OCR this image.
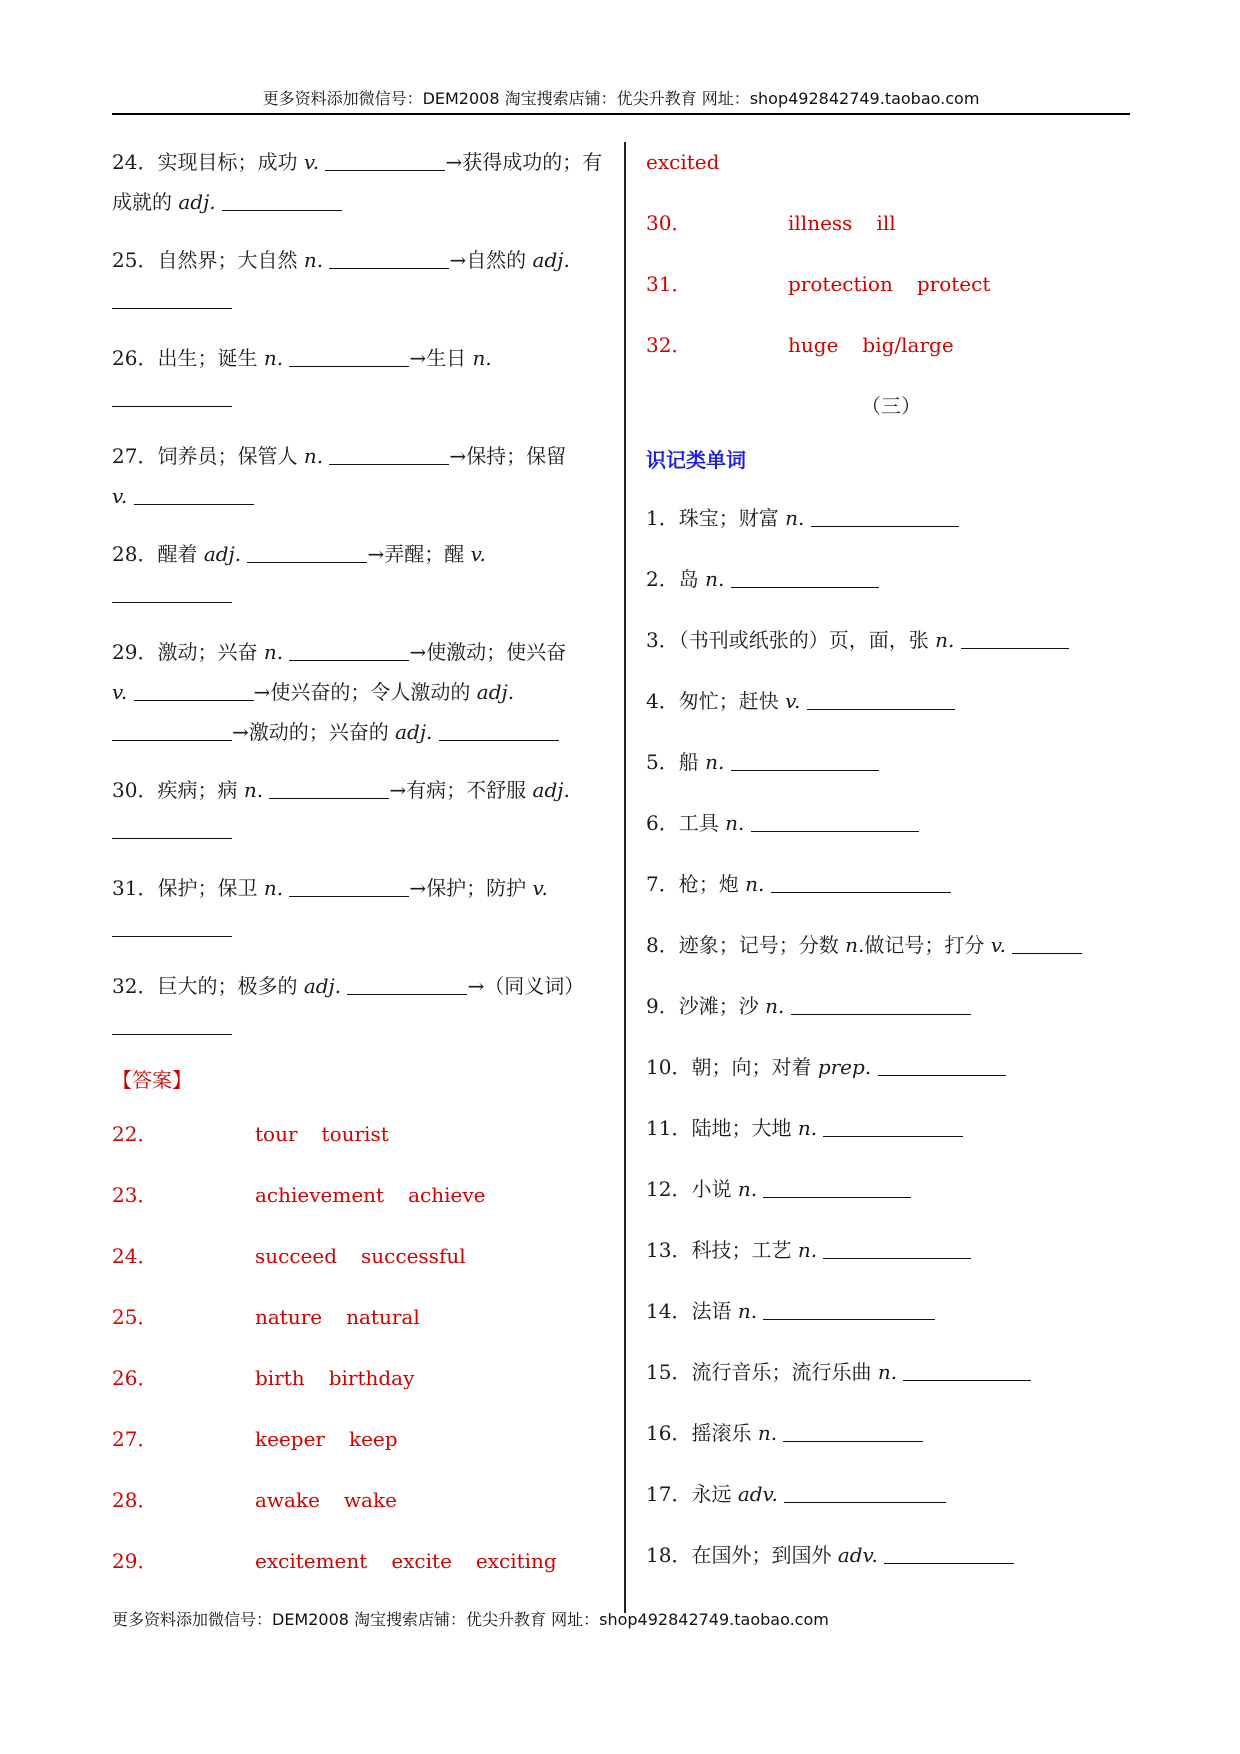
更多资料添加微信号：DEM2008 淘宝搜索店铺：优尖升教育 网址：shop492842749.taobao.com
24．实现目标；成功 v.	→获得成功的；有成就的 adj.
25．自然界；大自然 n.	→自然的 adj.

26．出生；诞生 n.	→生日 n.

27．饲养员；保管人 n.	→保持；保留
v.
28．醒着 adj.	→弄醒；醒 v.

29．激动；兴奋 n.	→使激动；使兴奋
v.	→使兴奋的；令人激动的 adj.
→激动的；兴奋的 adj.
30．疾病；病 n.	→有病；不舒服 adj.

31．保护；保卫 n.	→保护；防护 v.

32．巨大的；极多的 adj.	→（同义词）
【答案】
22．	tour tourist
23．	achievement achieve
24．	succeed successful
25．	nature natural
26．	birth birthday
27．	keeper keep
28．	awake wake
29．	excitement excite exciting
excited
30．	illness ill
31．	protection protect
32．	huge big/large
（三）
识记类单词
1．珠宝；财富 n.
2．岛 n.
3．（书刊或纸张的）页，面，张 n.
4．匆忙；赶快 v.
5．船 n.
6．工具 n.
7．枪；炮 n.
8．迹象；记号；分数 n.做记号；打分 v.
9．沙滩；沙 n.
10．朝；向；对着 prep.
11．陆地；大地 n.
12．小说 n.
13．科技；工艺 n.
14．法语 n.
15．流行音乐；流行乐曲 n.
16．摇滚乐 n.
17．永远 adv.
18．在国外；到国外 adv.
更多资料添加微信号：DEM2008 淘宝搜索店铺：优尖升教育 网址：shop492842749.taobao.com
